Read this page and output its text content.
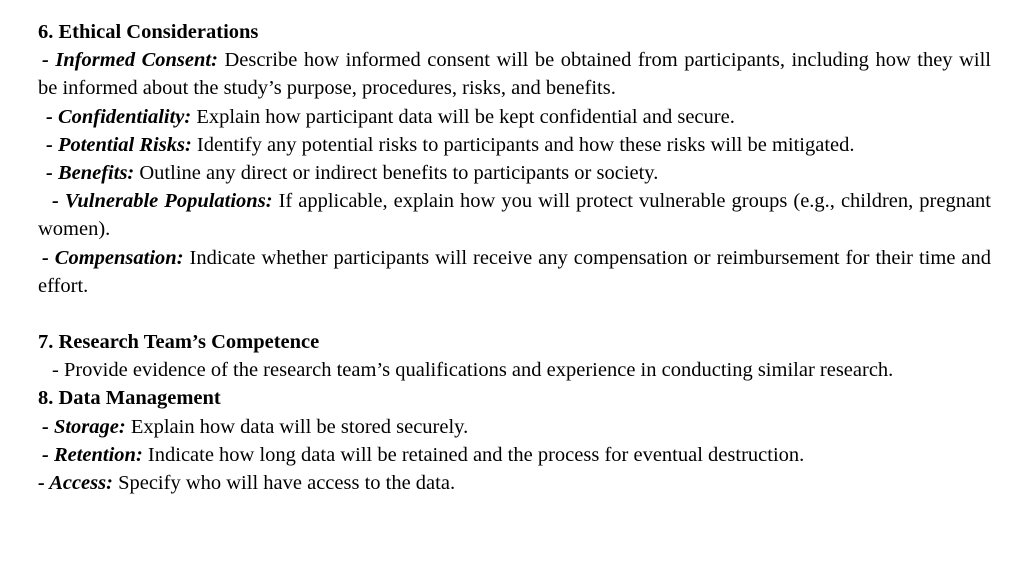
6. Ethical Considerations

- Informed Consent: Describe how informed consent will be obtained from participants, including how they will be informed about the study’s purpose, procedures, risks, and benefits.

- Confidentiality: Explain how participant data will be kept confidential and secure.

- Potential Risks: Identify any potential risks to participants and how these risks will be mitigated.

- Benefits: Outline any direct or indirect benefits to participants or society.

- Vulnerable Populations: If applicable, explain how you will protect vulnerable groups (e.g., children, pregnant women).

- Compensation: Indicate whether participants will receive any compensation or reimbursement for their time and effort.

7. Research Team’s Competence

- Provide evidence of the research team’s qualifications and experience in conducting similar research.

8. Data Management

- Storage: Explain how data will be stored securely.

- Retention: Indicate how long data will be retained and the process for eventual destruction.

- Access: Specify who will have access to the data.
